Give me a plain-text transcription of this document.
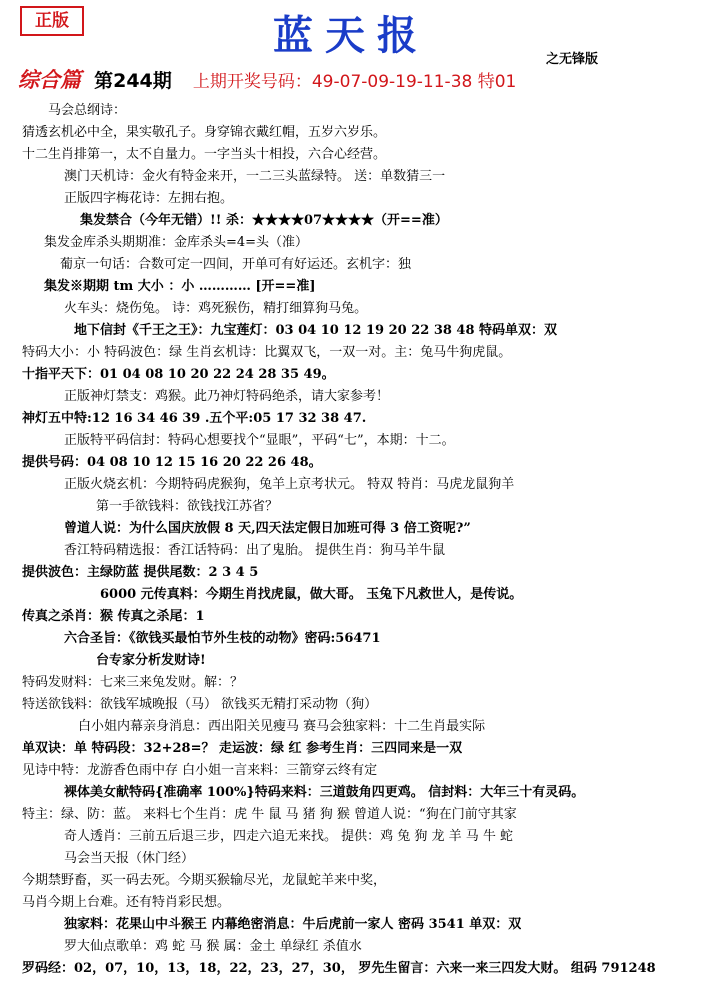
正版	蓝天报
之无锋版
综合篇 第244期 上期开奖号码：49-07-09-19-11-38 特01
马会总纲诗：
猜透玄机必中全，果实敬孔子。身穿锦衣戴红帽，五岁六岁乐。
十二生肖排第一，太不自量力。一字当头十相投，六合心经营。
澳门天机诗：金火有特金来开，一二三头蓝绿特。 送：单数猜三一
正版四字梅花诗：左拥右抱。
集发禁合（今年无错）!! 杀：★★★★07★★★★（开==准）
集发金库杀头期期准：金库杀头=4=头（准）
葡京一句话：合数可定一四间，开单可有好运还。玄机字：独
集发※期期 tm 大小 ：小 ………… [开==准]
火车头：烧伤兔。 诗：鸡死猴伤，精打细算狗马兔。
地下信封《千王之王》：九宝莲灯：03 04 10 12 19 20 22 38 48 特码单双：双
特码大小：小 特码波色：绿 生肖玄机诗：比翼双飞，一双一对。主：兔马牛狗虎鼠。
十指平天下：01 04 08 10 20 22 24 28 35 49。
正版神灯禁支：鸡猴。此乃神灯特码绝杀，请大家参考！
神灯五中特:12 16 34 46 39 .五个平:05 17 32 38 47.
正版特平码信封：特码心想要找个“显眼”，平码“七”，本期：十二。
提供号码：04 08 10 12 15 16 20 22 26 48。
正版火烧玄机：今期特码虎猴狗，兔羊上京考状元。 特双 特肖：马虎龙鼠狗羊
第一手欲钱料：欲钱找江苏省？
曾道人说：为什么国庆放假 8 天,四天法定假日加班可得 3 倍工资呢?”
香江特码精选报：香江话特码：出了鬼胎。 提供生肖：狗马羊牛鼠
提供波色：主绿防蓝 提供尾数：2 3 4 5
6000 元传真料：今期生肖找虎鼠，做大哥。 玉兔下凡救世人，是传说。
传真之杀肖：猴 传真之杀尾：1
六合圣旨：《欲钱买最怕节外生枝的动物》密码:56471
台专家分析发财诗!
特码发财料：七来三来兔发财。解：？
特送欲钱料：欲钱军城晚报（马） 欲钱买无精打采动物（狗）
白小姐内幕亲身消息：西出阳关见瘦马 赛马会独家料：十二生肖最实际
单双诀：单 特码段：32+28=？ 走运波：绿 红 参考生肖：三四同来是一双
见诗中特：龙游香色雨中存 白小姐一言来料：三箭穿云终有定
裸体美女献特码{准确率 100%}特码来料：三道鼓角四更鸡。 信封料：大年三十有灵码。
特主：绿、防：蓝。 来料七个生肖：虎 牛 鼠 马 猪 狗 猴 曾道人说：“狗在门前守其家
奇人透肖：三前五后退三步，四走六追无来找。 提供：鸡 兔 狗 龙 羊 马 牛 蛇
马会当天报（休门经）
今期禁野畜，买一码去死。今期买猴输尽光，龙鼠蛇羊来中奖，
马肖今期上台难。还有特肖彩民想。
独家料：花果山中斗猴王 内幕绝密消息：牛后虎前一家人 密码 3541 单双：双
罗大仙点歌单：鸡 蛇 马 猴 属：金土 单绿红 杀值水
罗码经：02，07，10，13，18，22，23，27，30， 罗先生留言：六来一来三四发大财。 组码 791248
